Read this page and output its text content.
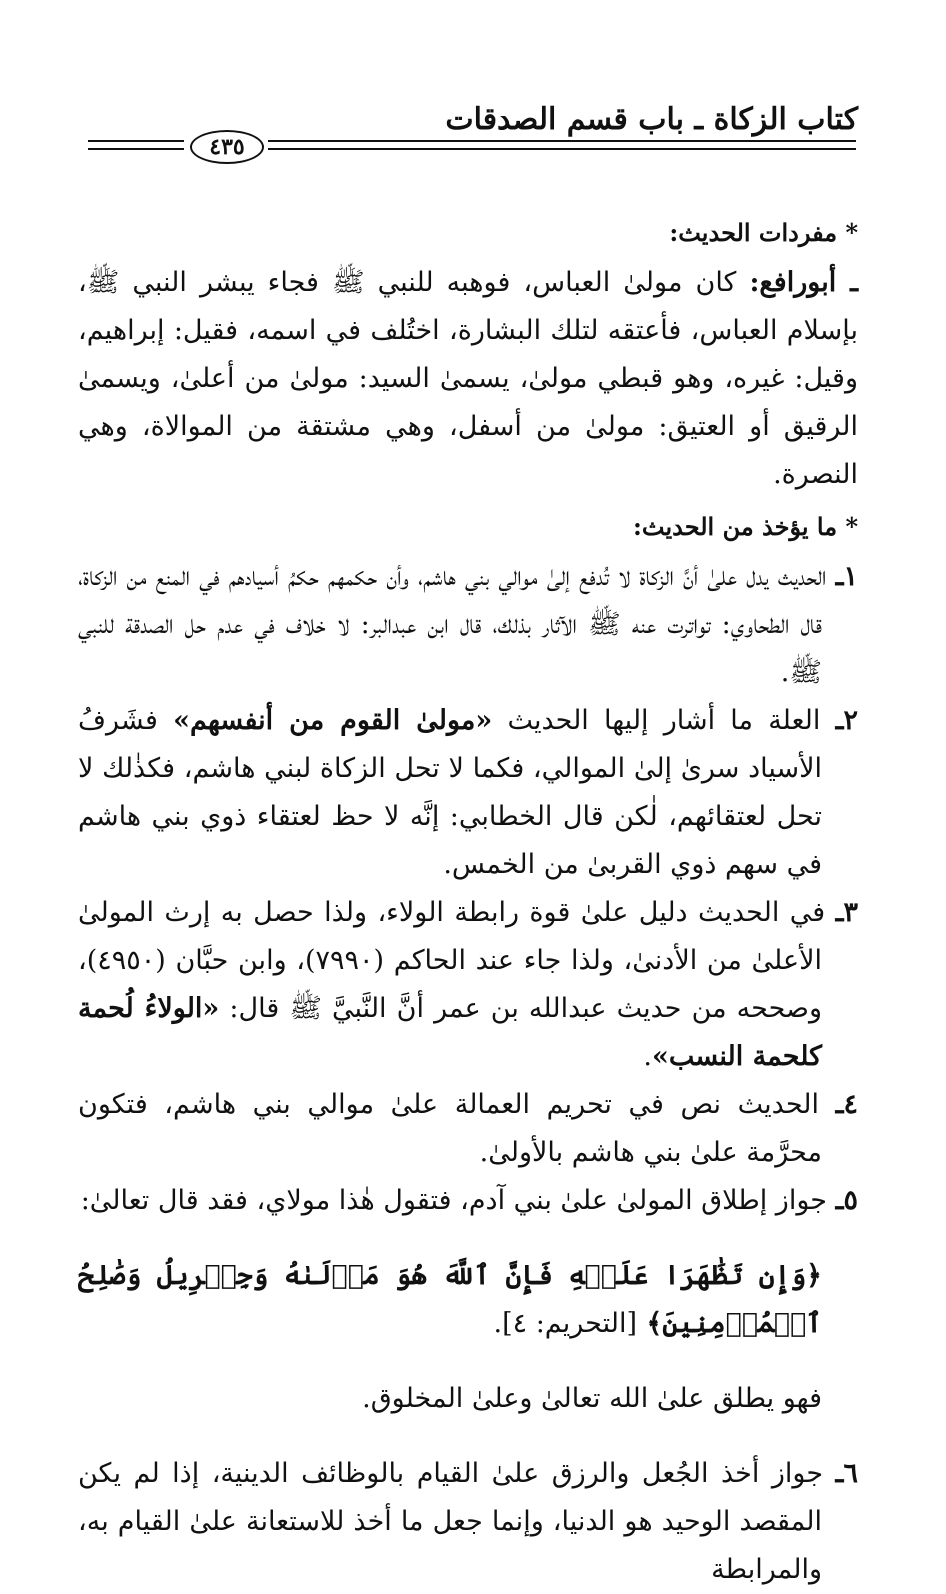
كتاب الزكاة ـ باب قسم الصدقات
٤٣٥
* مفردات الحديث:

ـ أبورافع: كان مولىٰ العباس، فوهبه للنبي ﷺ فجاء يبشر النبي ﷺ، بإسلام العباس، فأعتقه لتلك البشارة، اختُلف في اسمه، فقيل: إبراهيم، وقيل: غيره، وهو قبطي مولىٰ، يسمىٰ السيد: مولىٰ من أعلىٰ، ويسمىٰ الرقيق أو العتيق: مولىٰ من أسفل، وهي مشتقة من الموالاة، وهي النصرة.

* ما يؤخذ من الحديث:

١ـ الحديث يدل علىٰ أنَّ الزكاة لا تُدفع إلىٰ موالي بني هاشم، وأن حكمهم حكمُ أسيادهم في المنع من الزكاة، قال الطحاوي: تواترت عنه ﷺ الآثار بذلك، قال ابن عبدالبر: لا خلاف في عدم حل الصدقة للنبي ﷺ.

٢ـ العلة ما أشار إليها الحديث «مولىٰ القوم من أنفسهم» فشَرفُ الأسياد سرىٰ إلىٰ الموالي، فكما لا تحل الزكاة لبني هاشم، فكذٰلك لا تحل لعتقائهم، لٰكن قال الخطابي: إنَّه لا حظ لعتقاء ذوي بني هاشم في سهم ذوي القربىٰ من الخمس.

٣ـ في الحديث دليل علىٰ قوة رابطة الولاء، ولذا حصل به إرث المولىٰ الأعلىٰ من الأدنىٰ، ولذا جاء عند الحاكم (٧٩٩٠)، وابن حبَّان (٤٩٥٠)، وصححه من حديث عبدالله بن عمر أنَّ النَّبيَّ ﷺ قال: «الولاءُ لُحمة كلحمة النسب».

٤ـ الحديث نص في تحريم العمالة علىٰ موالي بني هاشم، فتكون محرَّمة علىٰ بني هاشم بالأولىٰ.

٥ـ جواز إطلاق المولىٰ علىٰ بني آدم، فتقول هٰذا مولاي، فقد قال تعالىٰ:

﴿وَإِن تَظَٰهَرَا عَلَيۡهِ فَإِنَّ ٱللَّهَ هُوَ مَوۡلَىٰهُ وَجِبۡرِيلُ وَصَٰلِحُ ٱلۡمُؤۡمِنِينَ﴾ [التحريم: ٤].

فهو يطلق علىٰ الله تعالىٰ وعلىٰ المخلوق.

٦ـ جواز أخذ الجُعل والرزق علىٰ القيام بالوظائف الدينية، إذا لم يكن المقصد الوحيد هو الدنيا، وإنما جعل ما أخذ للاستعانة علىٰ القيام به، والمرابطة
